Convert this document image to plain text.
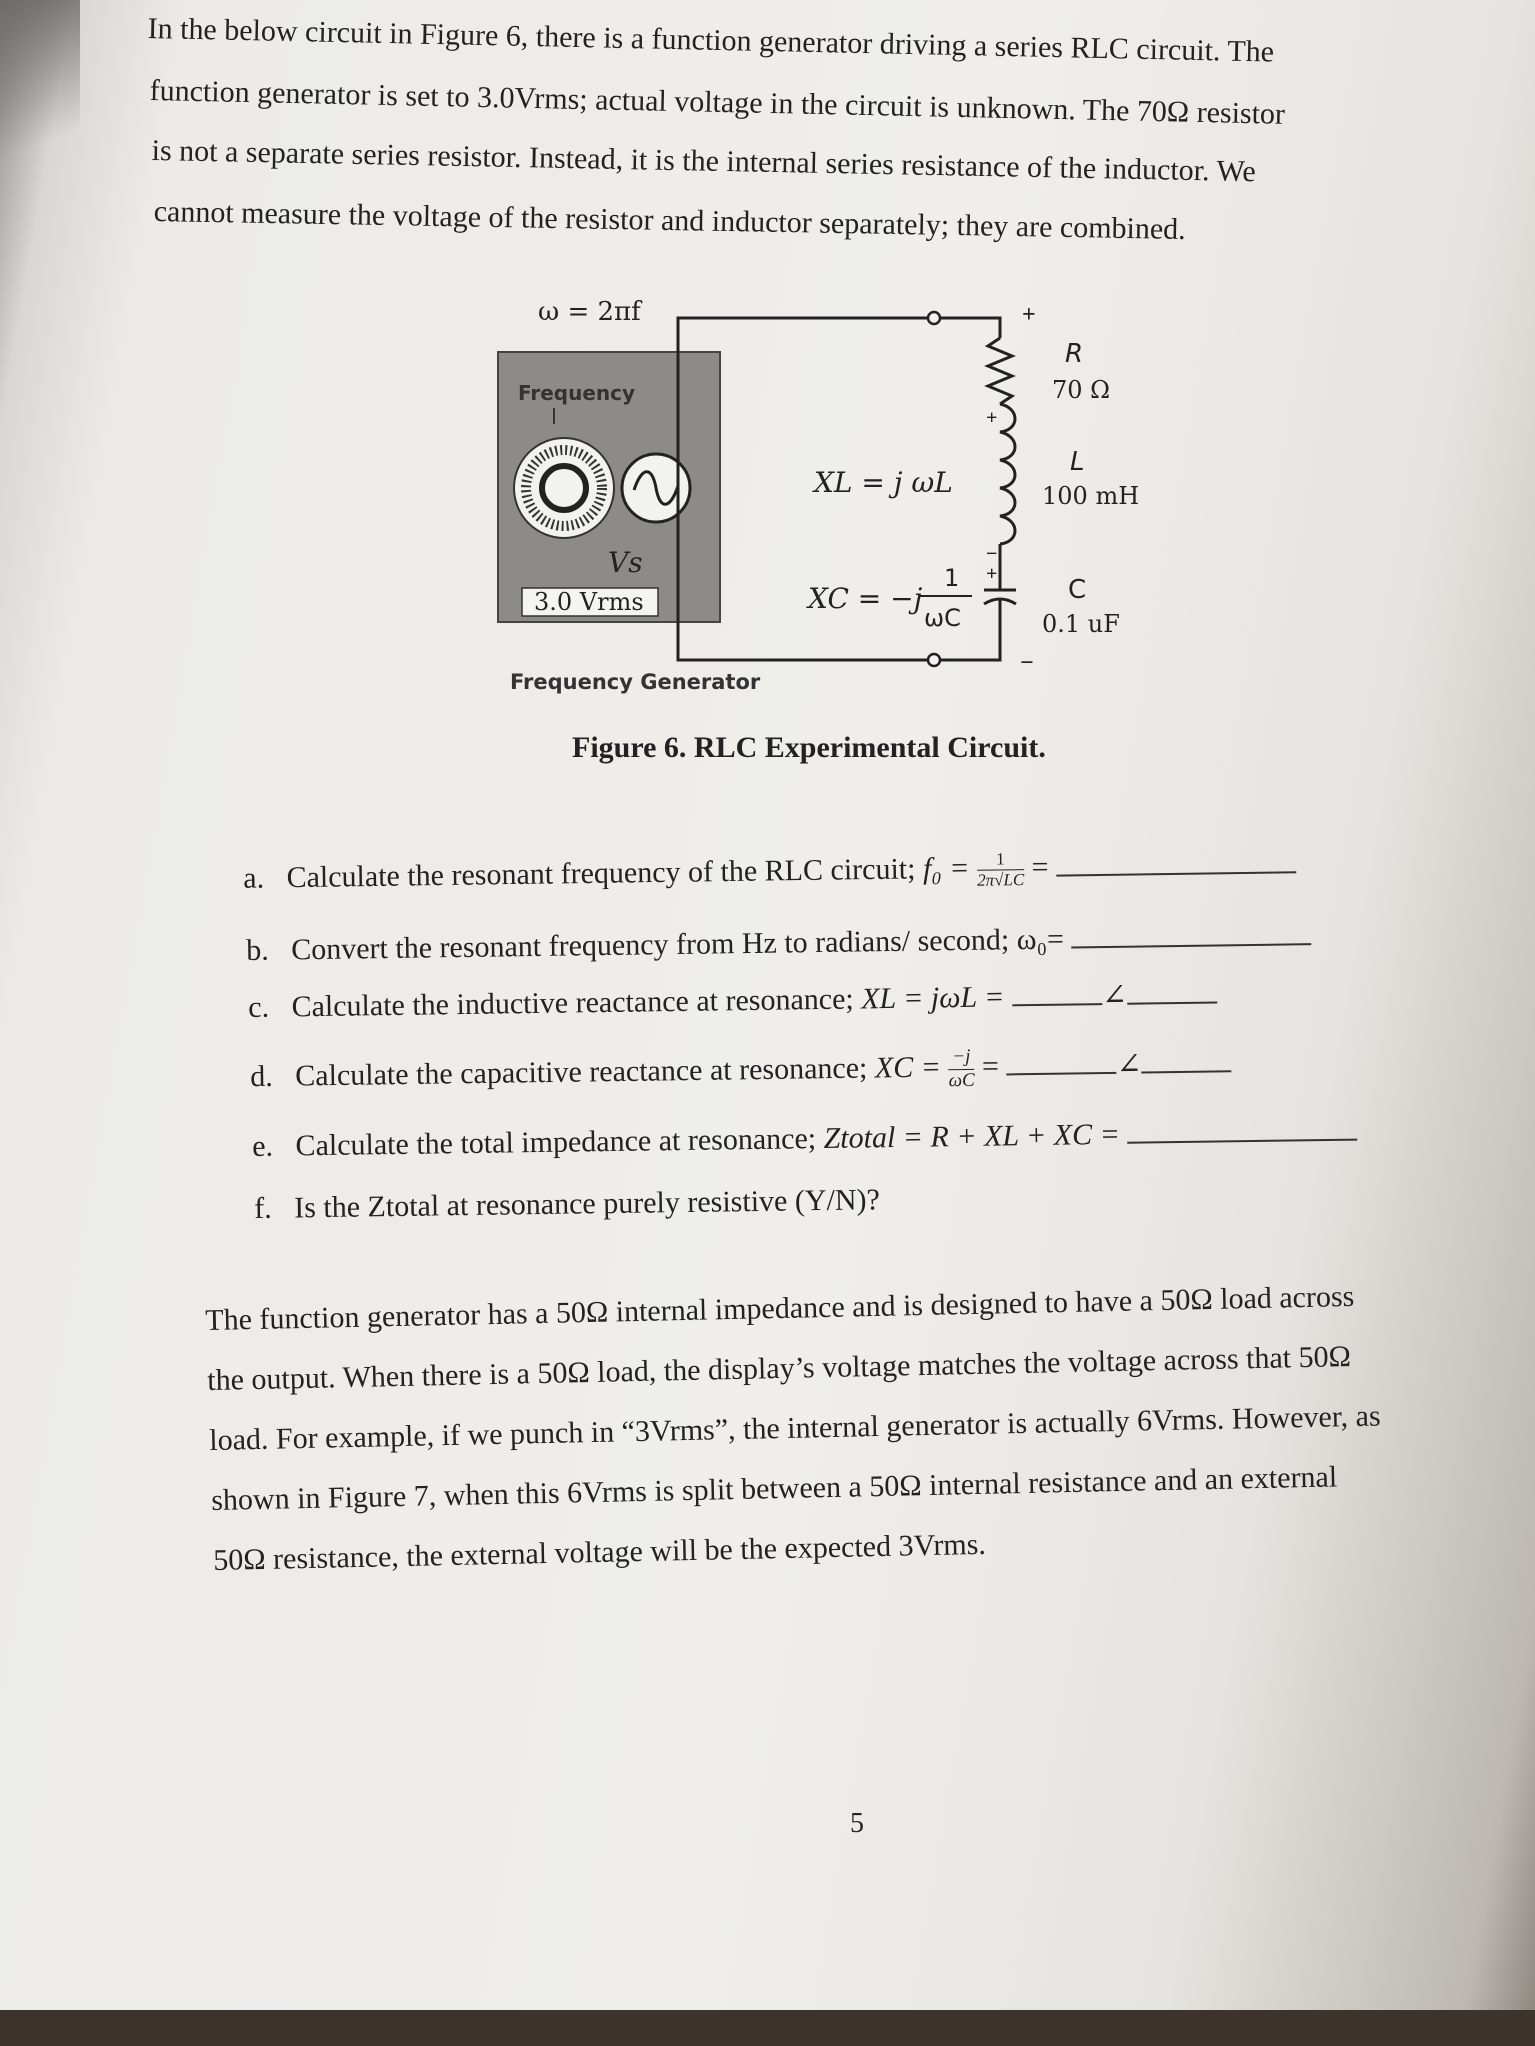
In the below circuit in Figure 6, there is a function generator driving a series RLC circuit. The
function generator is set to 3.0Vrms; actual voltage in the circuit is unknown. The 70Ω resistor
is not a separate series resistor. Instead, it is the internal series resistance of the inductor. We
cannot measure the voltage of the resistor and inductor separately; they are combined.
ω = 2πf
Frequency
Vs
3.0 Vrms
+
+
−
+
−
R
70 Ω
L
100 mH
C
0.1 uF
XL = j ωL
XC = −j
1
ωC
Frequency Generator
Figure 6. RLC Experimental Circuit.
a. Calculate the resonant frequency of the RLC circuit; $f_0 = \frac{1}{2\pi√LC}$ =
b. Convert the resonant frequency from Hz to radians/ second; ω₀=
c. Calculate the inductive reactance at resonance; XL = jωL =	∠
d. Calculate the capacitive reactance at resonance; XC = $\frac{-j}{\omega C}$ =	∠
e. Calculate the total impedance at resonance; Ztotal = R + XL + XC =
f. Is the Ztotal at resonance purely resistive (Y/N)?
The function generator has a 50Ω internal impedance and is designed to have a 50Ω load across
the output. When there is a 50Ω load, the display’s voltage matches the voltage across that 50Ω
load. For example, if we punch in “3Vrms”, the internal generator is actually 6Vrms. However, as
shown in Figure 7, when this 6Vrms is split between a 50Ω internal resistance and an external
50Ω resistance, the external voltage will be the expected 3Vrms.
5
